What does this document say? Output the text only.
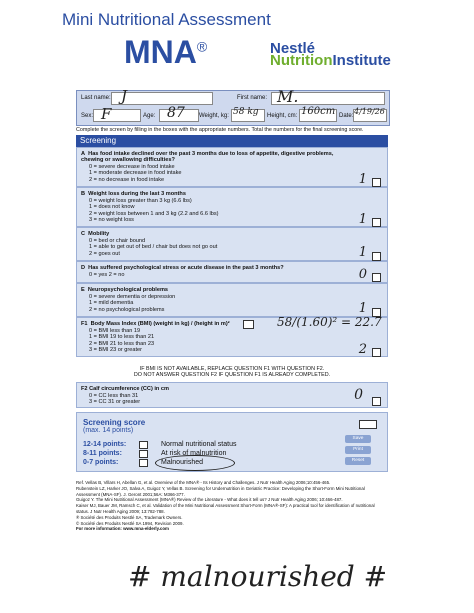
Mini Nutritional Assessment
MNA®	Nestlé
NutritionInstitute
Last name: J	First name: M.
Sex: F	Age: 87 Weight, kg: 58 kg Height, cm: 160cm Date: 4/19/26
Complete the screen by filling in the boxes with the appropriate numbers. Total the numbers for the final screening score.
Screening
A Has food intake declined over the past 3 months due to loss of appetite, digestive problems, chewing or swallowing difficulties?
0 = severe decrease in food intake
1 = moderate decrease in food intake
2 = no decrease in food intake	1
B Weight loss during the last 3 months
0 = weight loss greater than 3 kg (6.6 lbs)
1 = does not know
2 = weight loss between 1 and 3 kg (2.2 and 6.6 lbs)
3 = no weight loss	1
C Mobility
0 = bed or chair bound
1 = able to get out of bed / chair but does not go out
2 = goes out	1
D Has suffered psychological stress or acute disease in the past 3 months?
0 = yes 2 = no	0
E Neuropsychological problems
0 = severe dementia or depression
1 = mild dementia
2 = no psychological problems	1
F1 Body Mass Index (BMI) (weight in kg) / (height in m)²
0 = BMI less than 19
1 = BMI 19 to less than 21
2 = BMI 21 to less than 23
3 = BMI 23 or greater
58/(1.60)² = 22.7
2
IF BMI IS NOT AVAILABLE, REPLACE QUESTION F1 WITH QUESTION F2.
DO NOT ANSWER QUESTION F2 IF QUESTION F1 IS ALREADY COMPLETED.
F2 Calf circumference (CC) in cm
0 = CC less than 31
3 = CC 31 or greater	0
Screening score
(max. 14 points)
12-14 points:	Normal nutritional status
8-11 points:	At risk of malnutrition
0-7 points:	Malnourished
Save
Print
Reset
Ref. Vellas B, Villars H, Abellan G, et al. Overview of the MNA® - Its History and Challenges. J Nutr Health Aging 2006;10:456-465.
Rubenstein LZ, Harker JO, Salva A, Guigoz Y, Vellas B. Screening for Undernutrition in Geriatric Practice: Developing the Short-Form Mini Nutritional Assessment (MNA-SF). J. Geront 2001;56A: M366-377.
Guigoz Y. The Mini Nutritional Assessment (MNA®) Review of the Literature - What does it tell us? J Nutr Health Aging 2006; 10:466-487.
Kaiser MJ, Bauer JM, Ramsch C, et al. Validation of the Mini Nutritional Assessment Short-Form (MNA®-SF): A practical tool for identification of nutritional status. J Nutr Health Aging 2009; 13:782-788.
® Société des Produits Nestlé SA, Trademark Owners.
© Société des Produits Nestlé SA 1994, Revision 2009.
For more information: www.mna-elderly.com
# malnourished #
